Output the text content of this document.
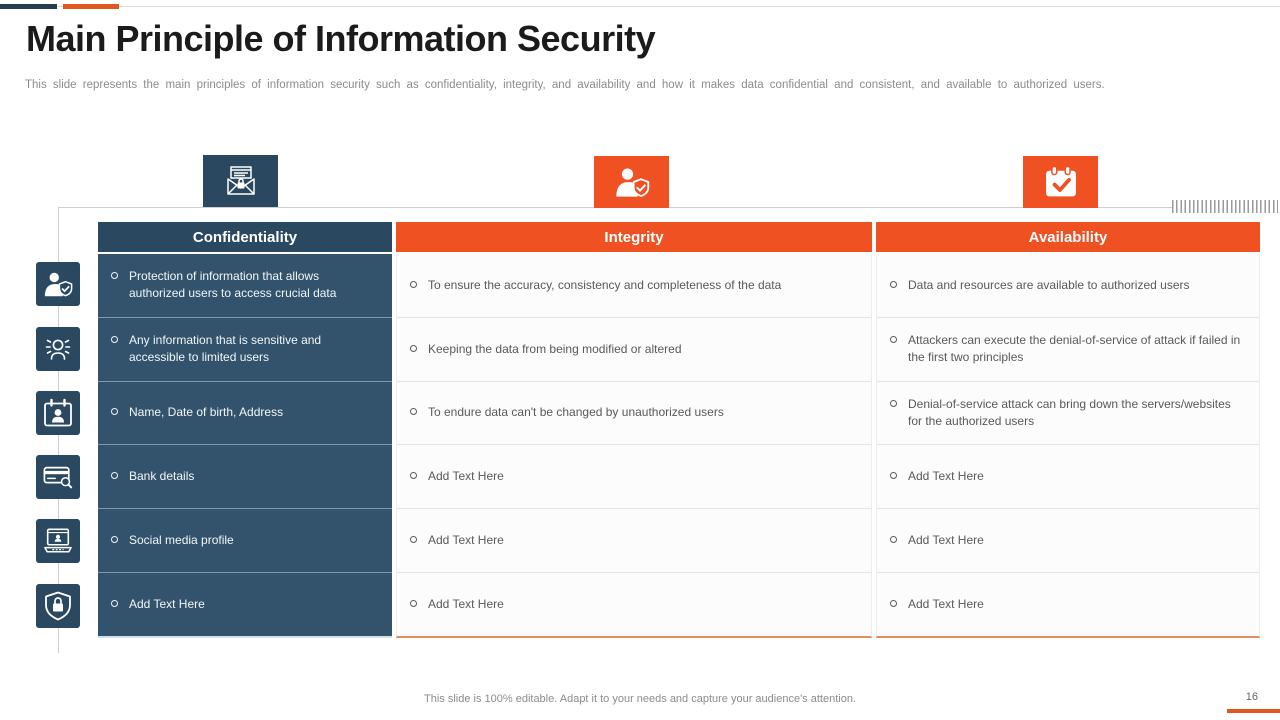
Main Principle of Information Security

This slide represents the main principles of information security such as confidentiality, integrity, and availability and how it makes data confidential and consistent, and available to authorized users.

Confidentiality
Protection of information that allows authorized users to access crucial data
Any information that is sensitive and accessible to limited users
Name, Date of birth, Address
Bank details
Social media profile
Add Text Here
Integrity
To ensure the accuracy, consistency and completeness of the data
Keeping the data from being modified or altered
To endure data can't be changed by unauthorized users
Add Text Here
Add Text Here
Add Text Here
Availability
Data and resources are available to authorized users
Attackers can execute the denial-of-service of attack if failed in the first two principles
Denial-of-service attack can bring down the servers/websites for the authorized users
Add Text Here
Add Text Here
Add Text Here
This slide is 100% editable. Adapt it to your needs and capture your audience's attention.	16
